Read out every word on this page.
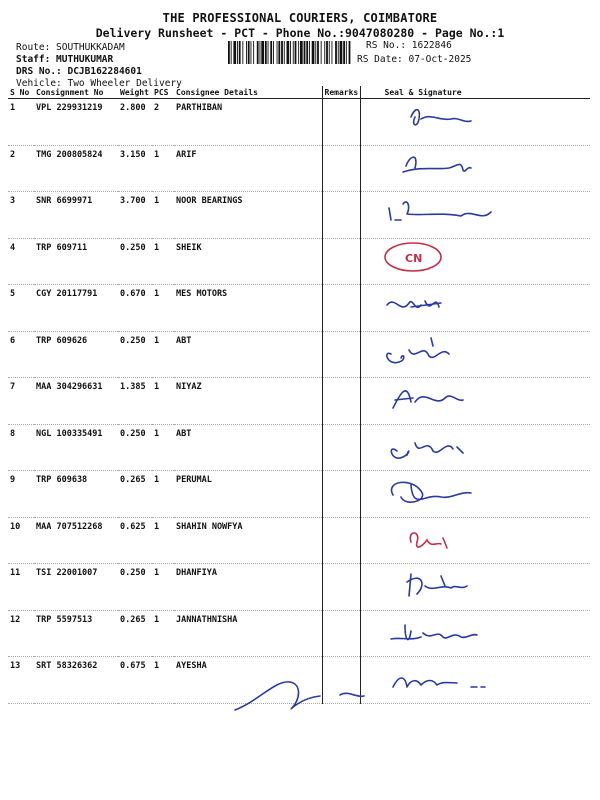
THE PROFESSIONAL COURIERS, COIMBATORE
Delivery Runsheet - PCT - Phone No.:9047080280 - Page No.:1
Route: SOUTHUKKADAM
Staff: MUTHUKUMAR
DRS No.: DCJB162284601
Vehicle: Two Wheeler Delivery
RS No.: 1622846
RS Date: 07-Oct-2025
S No	Consignment No	Weight	PCS	Consignee Details	Remarks	Seal & Signature
1	VPL 229931219	2.800	2	PARTHIBAN		

2	TMG 200805824	3.150	1	ARIF		

3	SNR 6699971	3.700	1	NOOR BEARINGS		

4	TRP 609711	0.250	1	SHEIK		CN

5	CGY 20117791	0.670	1	MES MOTORS		

6	TRP 609626	0.250	1	ABT		

7	MAA 304296631	1.385	1	NIYAZ		

8	NGL 100335491	0.250	1	ABT		

9	TRP 609638	0.265	1	PERUMAL		

10	MAA 707512268	0.625	1	SHAHIN NOWFYA		

11	TSI 22001007	0.250	1	DHANFIYA		

12	TRP 5597513	0.265	1	JANNATHNISHA		

13	SRT 58326362	0.675	1	AYESHA		
